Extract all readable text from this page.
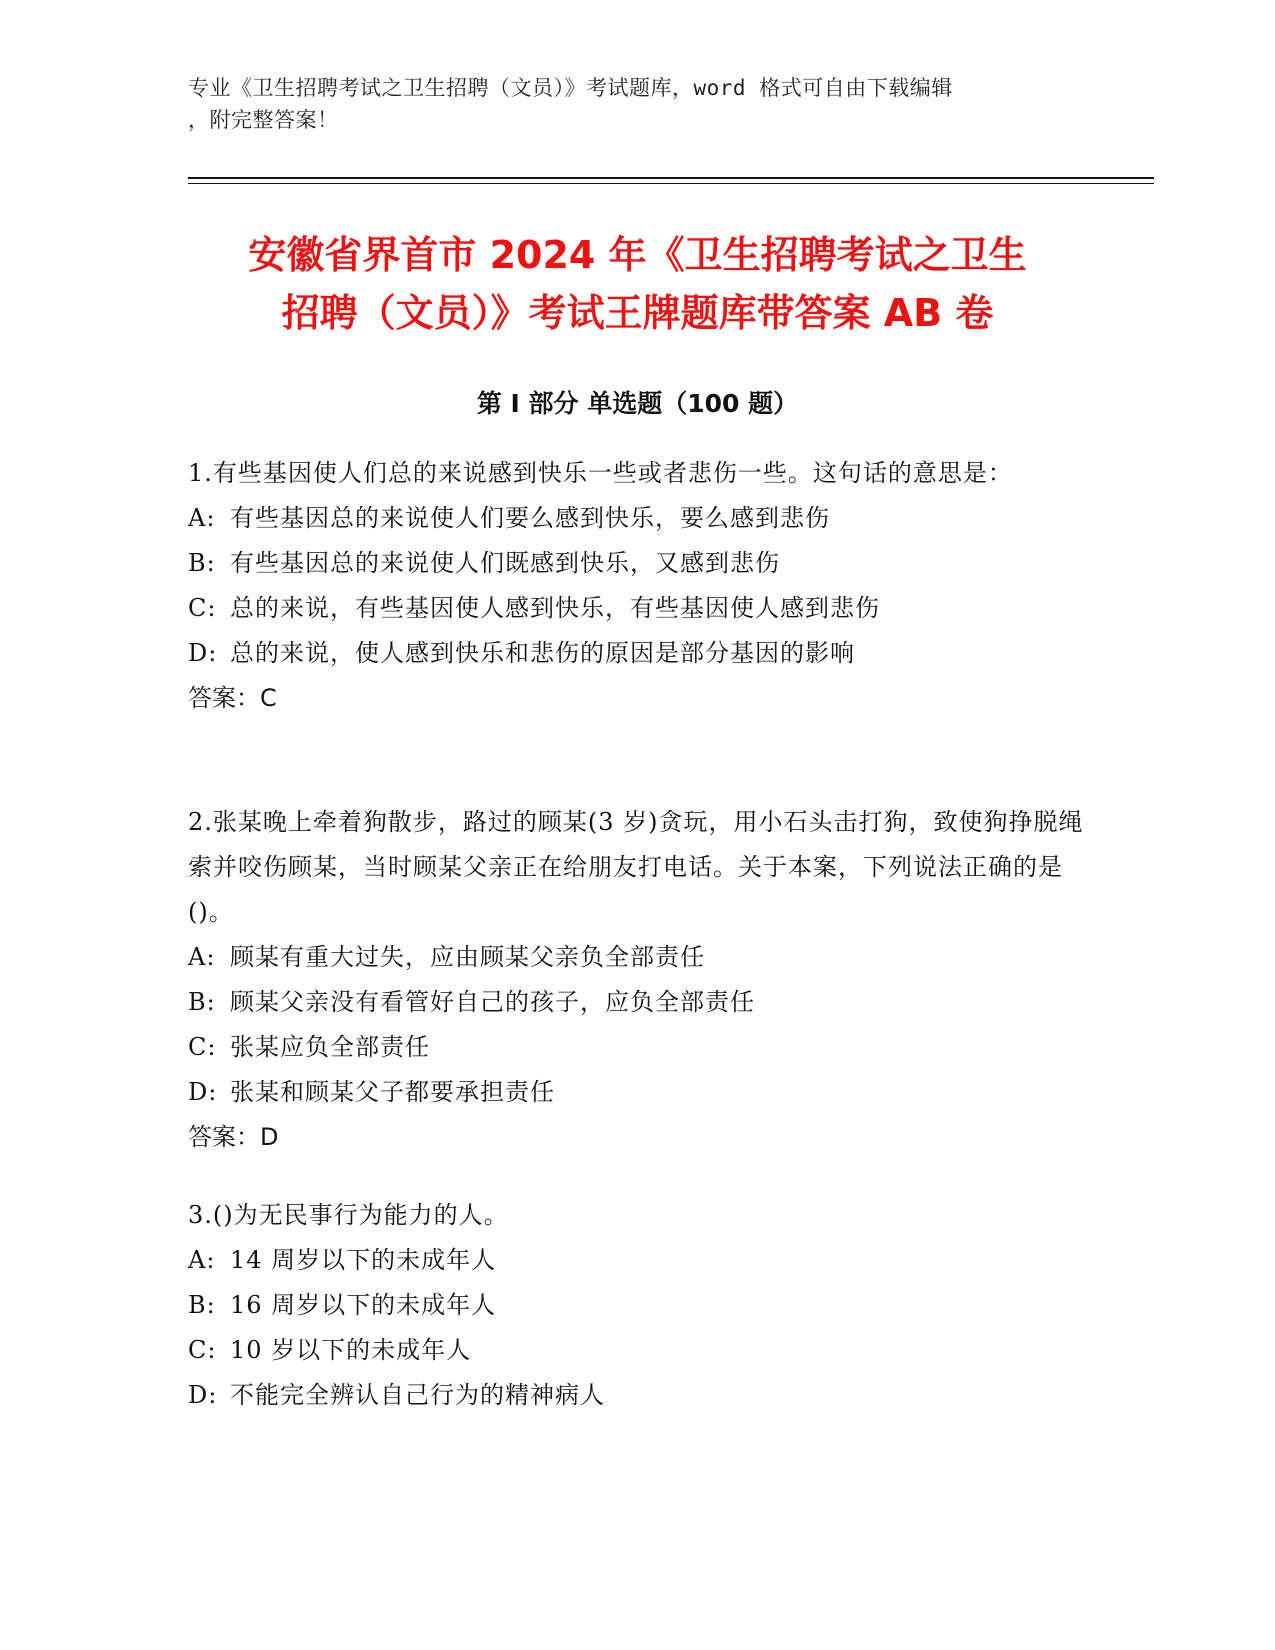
专业《卫生招聘考试之卫生招聘（文员）》考试题库，word 格式可自由下载编辑
，附完整答案！
安徽省界首市 2024 年《卫生招聘考试之卫生
招聘（文员）》考试王牌题库带答案 AB 卷
第 I 部分 单选题（100 题）

1.有些基因使人们总的来说感到快乐一些或者悲伤一些。这句话的意思是：

A: 有些基因总的来说使人们要么感到快乐，要么感到悲伤

B: 有些基因总的来说使人们既感到快乐，又感到悲伤

C: 总的来说，有些基因使人感到快乐，有些基因使人感到悲伤

D: 总的来说，使人感到快乐和悲伤的原因是部分基因的影响

答案：C

2.张某晚上牵着狗散步，路过的顾某(3 岁)贪玩，用小石头击打狗，致使狗挣脱绳索并咬伤顾某，当时顾某父亲正在给朋友打电话。关于本案，下列说法正确的是()。

A: 顾某有重大过失，应由顾某父亲负全部责任

B: 顾某父亲没有看管好自己的孩子，应负全部责任

C: 张某应负全部责任

D: 张某和顾某父子都要承担责任

答案：D

3.()为无民事行为能力的人。

A: 14 周岁以下的未成年人

B: 16 周岁以下的未成年人

C: 10 岁以下的未成年人

D: 不能完全辨认自己行为的精神病人
